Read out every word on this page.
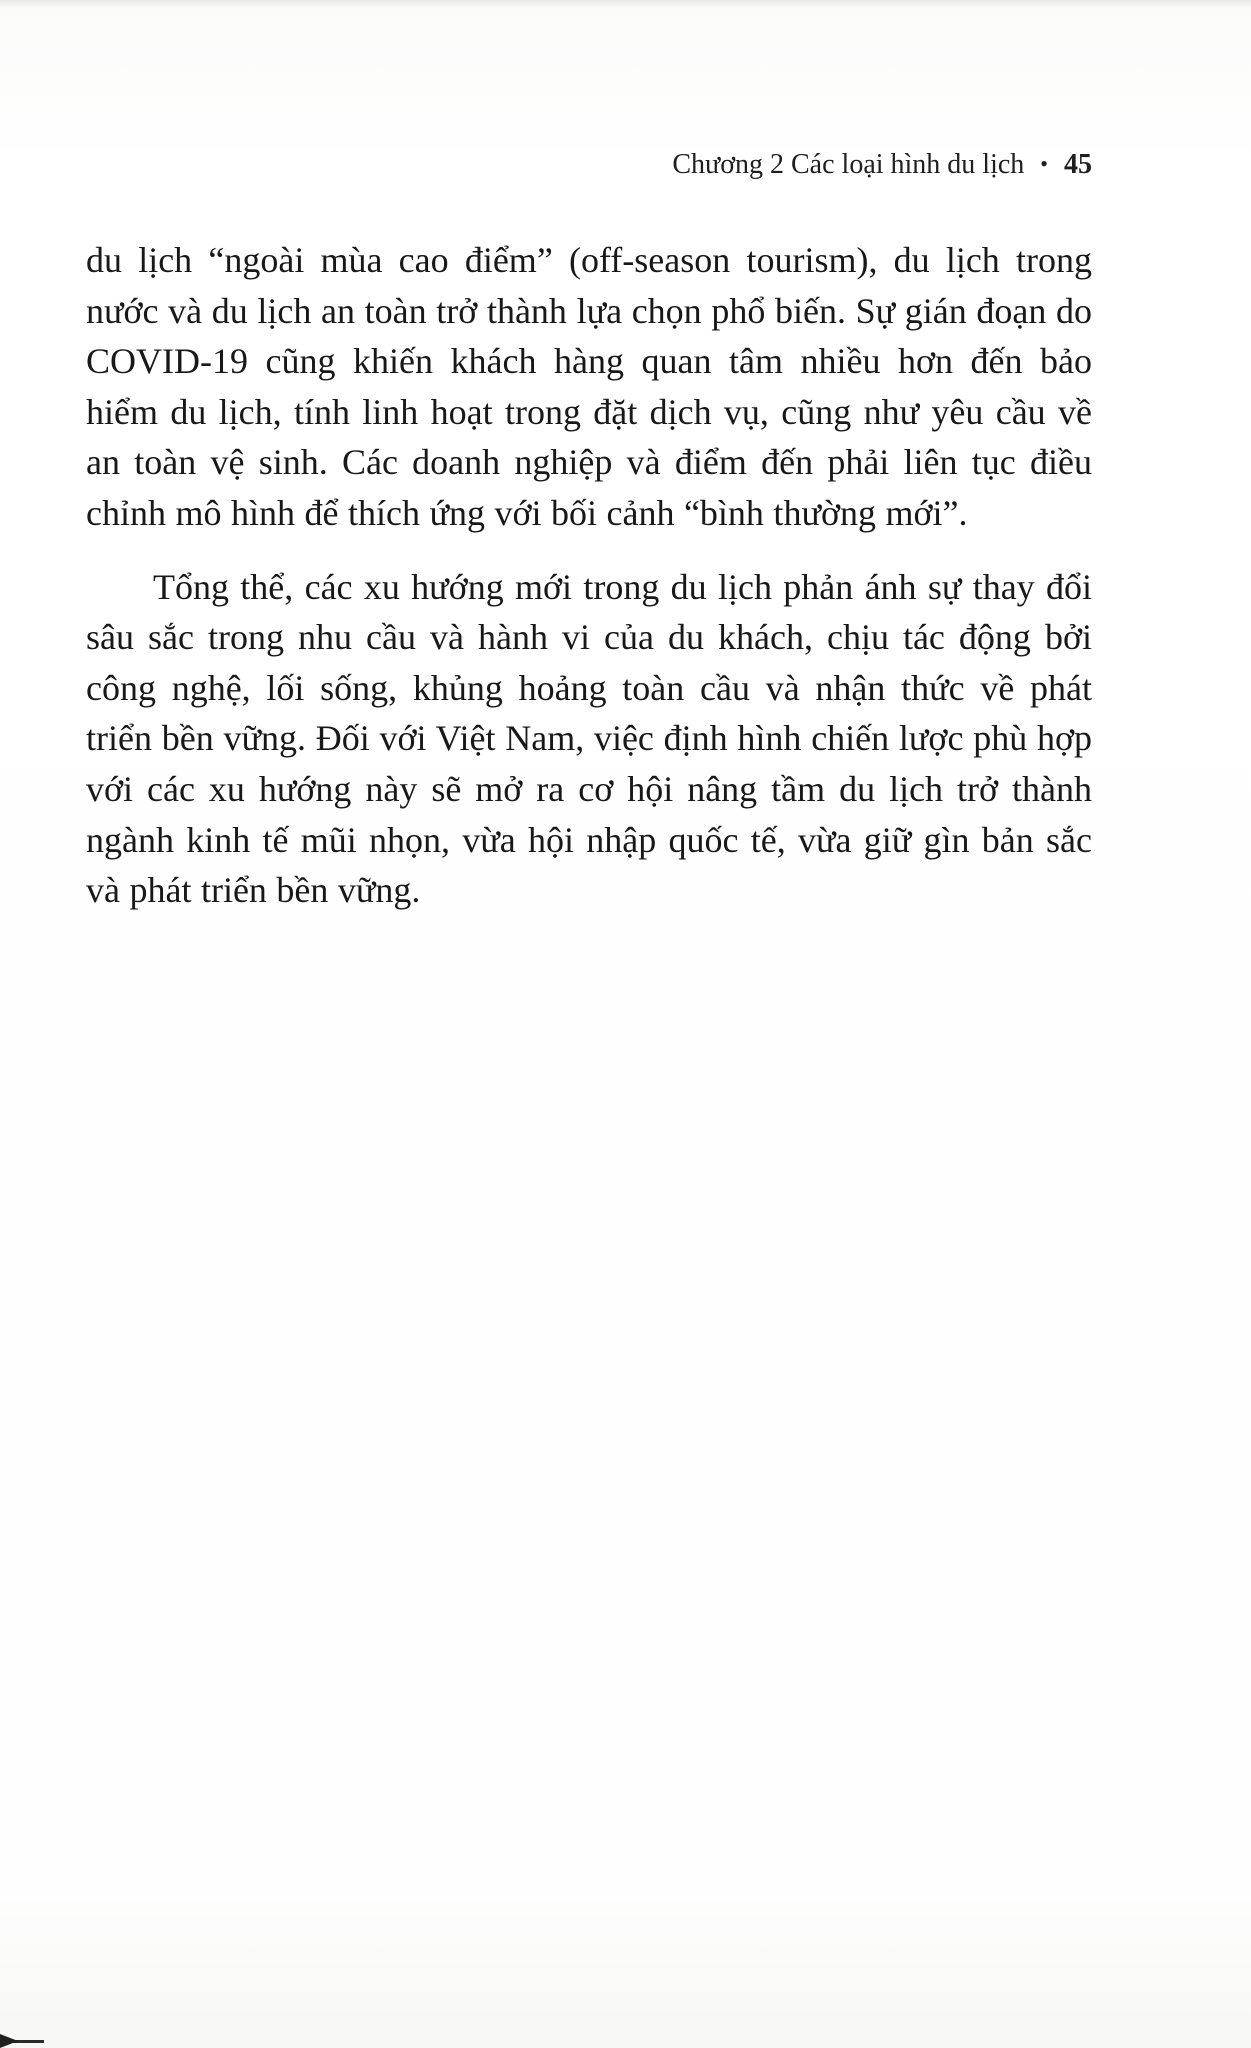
Chương 2 Các loại hình du lịch • 45

du lịch “ngoài mùa cao điểm” (off-season tourism), du lịch trong nước và du lịch an toàn trở thành lựa chọn phổ biến. Sự gián đoạn do COVID-19 cũng khiến khách hàng quan tâm nhiều hơn đến bảo hiểm du lịch, tính linh hoạt trong đặt dịch vụ, cũng như yêu cầu về an toàn vệ sinh. Các doanh nghiệp và điểm đến phải liên tục điều chỉnh mô hình để thích ứng với bối cảnh “bình thường mới”.

Tổng thể, các xu hướng mới trong du lịch phản ánh sự thay đổi sâu sắc trong nhu cầu và hành vi của du khách, chịu tác động bởi công nghệ, lối sống, khủng hoảng toàn cầu và nhận thức về phát triển bền vững. Đối với Việt Nam, việc định hình chiến lược phù hợp với các xu hướng này sẽ mở ra cơ hội nâng tầm du lịch trở thành ngành kinh tế mũi nhọn, vừa hội nhập quốc tế, vừa giữ gìn bản sắc và phát triển bền vững.
